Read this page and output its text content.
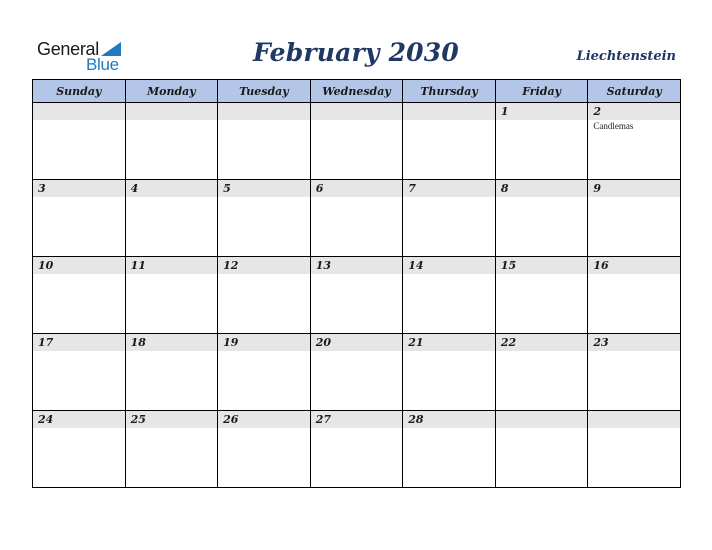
General
Blue	February 2030	Liechtenstein
Sunday	Monday	Tuesday	Wednesday	Thursday	Friday	Saturday

					1	2
Candlemas

3	4	5	6	7	8	9

10	11	12	13	14	15	16

17	18	19	20	21	22	23

24	25	26	27	28		
